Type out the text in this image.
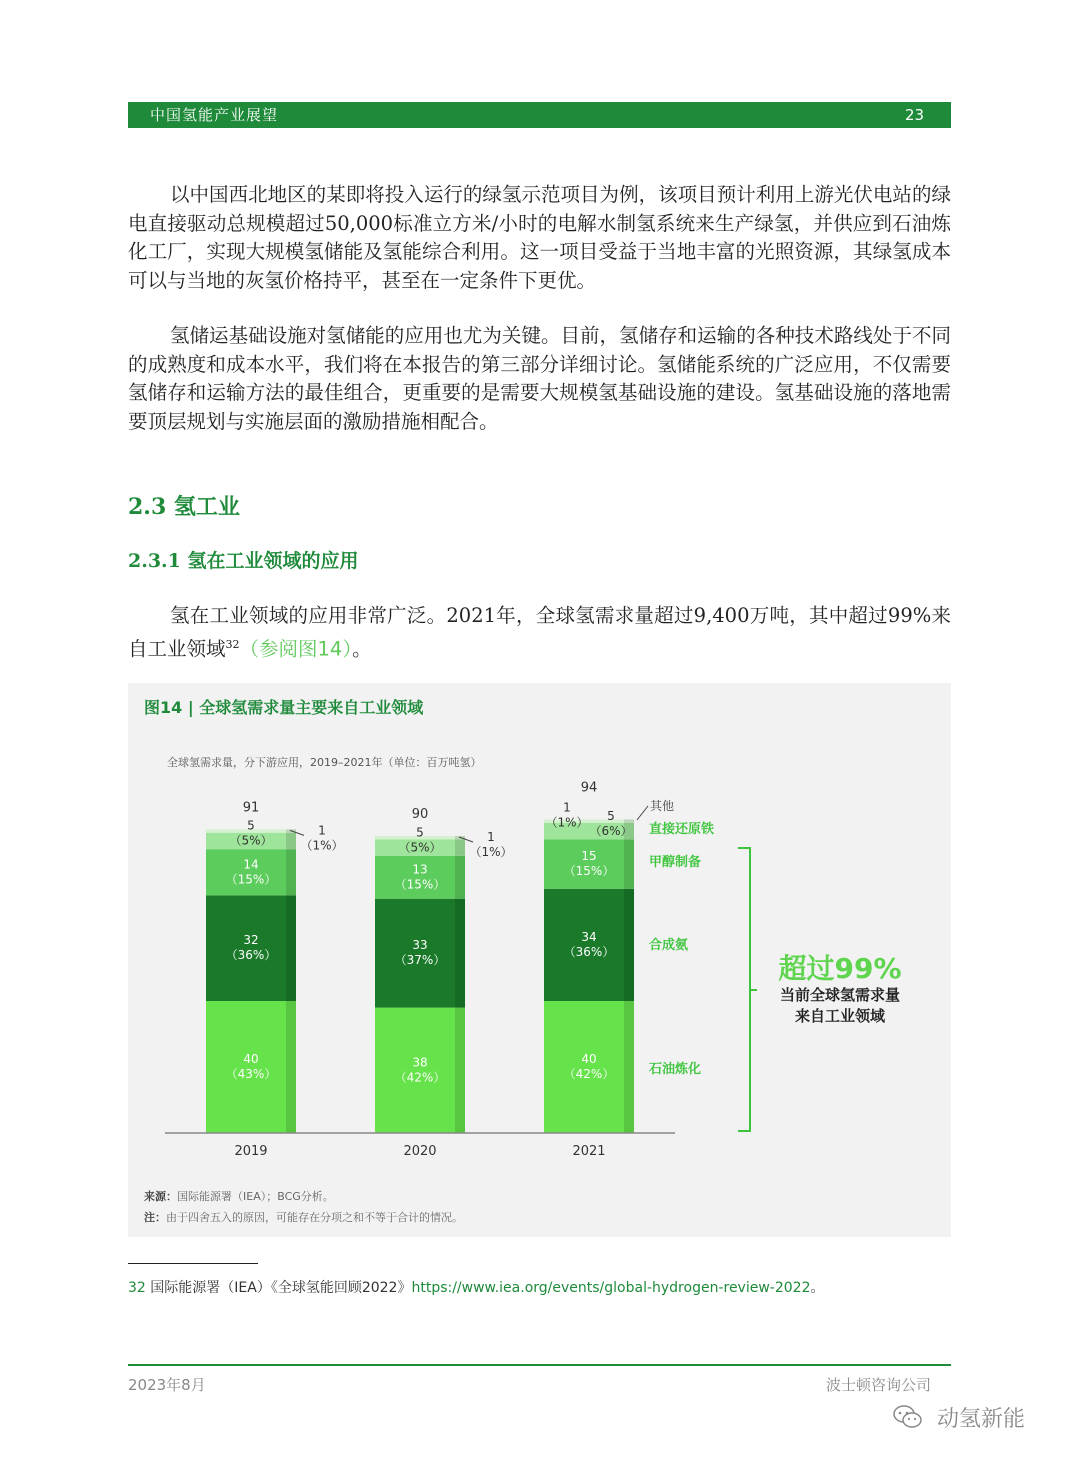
中国氢能产业展望	23
以中国西北地区的某即将投入运行的绿氢示范项目为例，该项目预计利用上游光伏电站的绿电直接驱动总规模超过50,000标准立方米/小时的电解水制氢系统来生产绿氢，并供应到石油炼化工厂，实现大规模氢储能及氢能综合利用。这一项目受益于当地丰富的光照资源，其绿氢成本可以与当地的灰氢价格持平，甚至在一定条件下更优。
氢储运基础设施对氢储能的应用也尤为关键。目前，氢储存和运输的各种技术路线处于不同的成熟度和成本水平，我们将在本报告的第三部分详细讨论。氢储能系统的广泛应用，不仅需要氢储存和运输方法的最佳组合，更重要的是需要大规模氢基础设施的建设。氢基础设施的落地需要顶层规划与实施层面的激励措施相配合。
2.3 氢工业
2.3.1 氢在工业领域的应用
氢在工业领域的应用非常广泛。2021年，全球氢需求量超过9,400万吨，其中超过99%来自工业领域$^{32}$（参阅图14）。
图14 | 全球氢需求量主要来自工业领域
全球氢需求量，分下游应用，2019–2021年（单位：百万吨氢）
40
（43%）
32
（36%）
14
（15%）
5
（5%）
1
（1%）
91
2019
38
（42%）
33
（37%）
13
（15%）
5
（5%）
1
（1%）
90
2020
40
（42%）
34
（36%）
15
（15%）
5
（6%）
1
（1%）
94
2021
其他
直接还原铁
甲醇制备
合成氨
石油炼化
超过99%
当前全球氢需求量
来自工业领域
来源：国际能源署（IEA）；BCG分析。
注：由于四舍五入的原因，可能存在分项之和不等于合计的情况。
32 国际能源署（IEA）《全球氢能回顾2022》https://www.iea.org/events/global-hydrogen-review-2022。
2023年8月	波士顿咨询公司
动氢新能
